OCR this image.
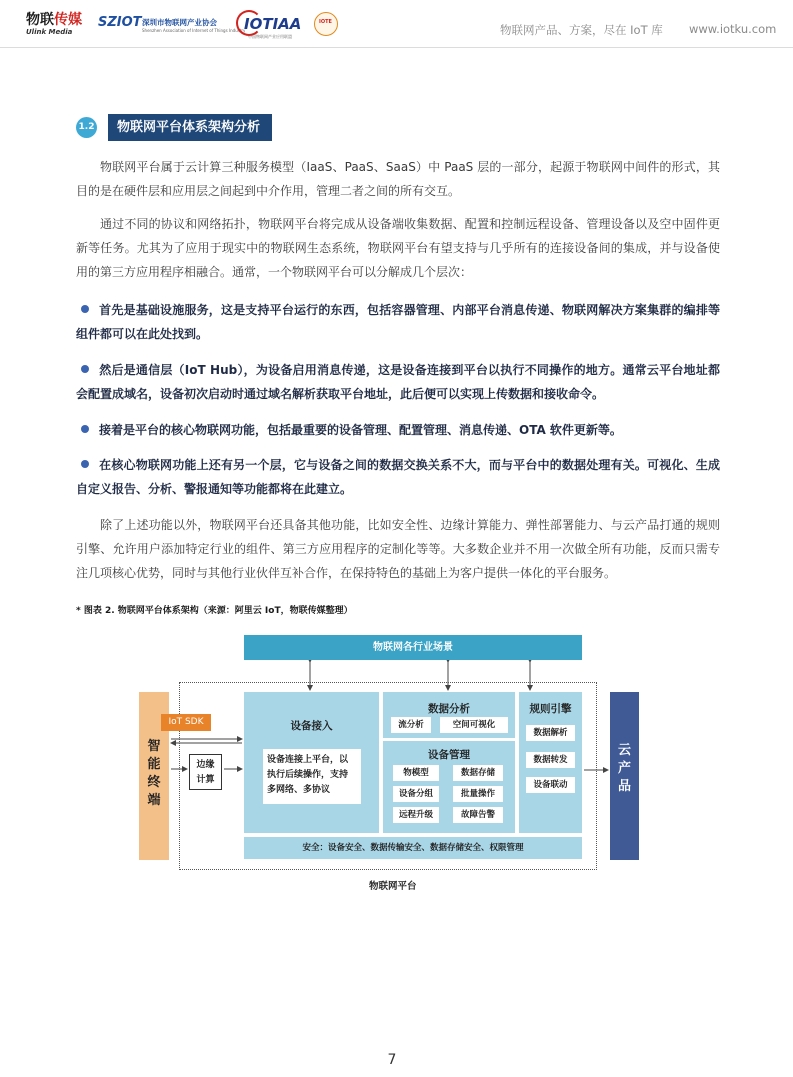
物联传媒
Ulink Media
SZIOT 深圳市物联网产业协会
Shenzhen Association of Internet of Things Industry
IOTIAA
中国物联网产业应用联盟
IOTE
物联网产品、方案，尽在 IoT 库 www.iotku.com
1.2	物联网平台体系架构分析

物联网平台属于云计算三种服务模型（IaaS、PaaS、SaaS）中 PaaS 层的一部分，起源于物联网中间件的形式，其目的是在硬件层和应用层之间起到中介作用，管理二者之间的所有交互。

通过不同的协议和网络拓扑，物联网平台将完成从设备端收集数据、配置和控制远程设备、管理设备以及空中固件更新等任务。尤其为了应用于现实中的物联网生态系统，物联网平台有望支持与几乎所有的连接设备间的集成，并与设备使用的第三方应用程序相融合。通常，一个物联网平台可以分解成几个层次：

首先是基础设施服务，这是支持平台运行的东西，包括容器管理、内部平台消息传递、物联网解决方案集群的编排等组件都可以在此处找到。
然后是通信层（IoT Hub），为设备启用消息传递，这是设备连接到平台以执行不同操作的地方。通常云平台地址都会配置成域名，设备初次启动时通过域名解析获取平台地址，此后便可以实现上传数据和接收命令。
接着是平台的核心物联网功能，包括最重要的设备管理、配置管理、消息传递、OTA 软件更新等。
在核心物联网功能上还有另一个层，它与设备之间的数据交换关系不大，而与平台中的数据处理有关。可视化、生成自定义报告、分析、警报通知等功能都将在此建立。

除了上述功能以外，物联网平台还具备其他功能，比如安全性、边缘计算能力、弹性部署能力、与云产品打通的规则引擎、允许用户添加特定行业的组件、第三方应用程序的定制化等等。大多数企业并不用一次做全所有功能，反而只需专注几项核心优势，同时与其他行业伙伴互补合作，在保持特色的基础上为客户提供一体化的平台服务。

* 图表 2. 物联网平台体系架构（来源：阿里云 IoT，物联传媒整理）
物联网各行业场景
智
能
终
端
IoT SDK
边缘
计算
设备接入
设备连接上平台，以
执行后续操作，支持
多网络、多协议
数据分析
流分析	空间可视化
设备管理
物模型	数据存储
设备分组	批量操作
远程升级	故障告警
规则引擎
数据解析
数据转发
设备联动
安全：设备安全、数据传输安全、数据存储安全、权限管理
云
产
品
物联网平台
7
